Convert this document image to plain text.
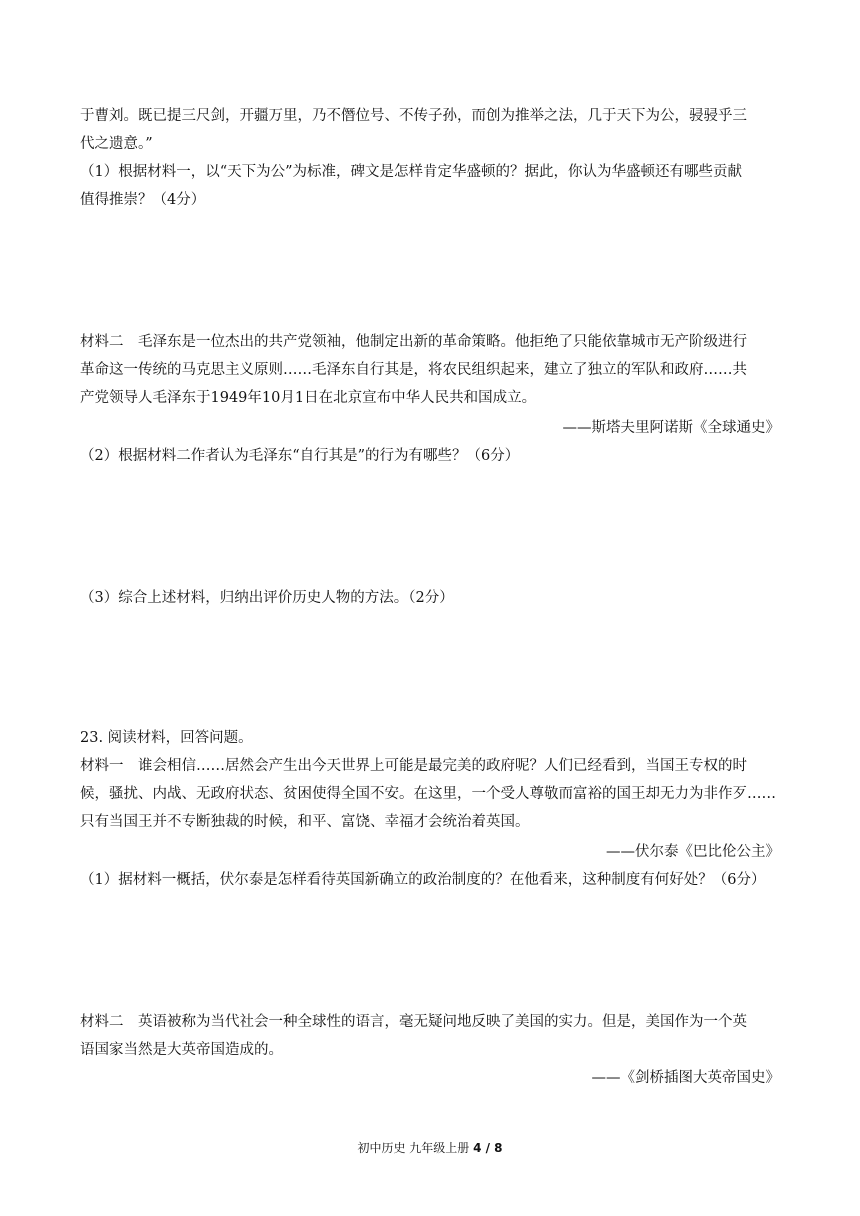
于曹刘。既已提三尺剑，开疆万里，乃不僭位号、不传子孙，而创为推举之法，几于天下为公，骎骎乎三
代之遗意。”
（1）根据材料一，以“天下为公”为标准，碑文是怎样肯定华盛顿的？据此，你认为华盛顿还有哪些贡献
值得推崇？（4分）
材料二　毛泽东是一位杰出的共产党领袖，他制定出新的革命策略。他拒绝了只能依靠城市无产阶级进行
革命这一传统的马克思主义原则……毛泽东自行其是，将农民组织起来，建立了独立的军队和政府……共
产党领导人毛泽东于1949年10月1日在北京宣布中华人民共和国成立。
——斯塔夫里阿诺斯《全球通史》
（2）根据材料二作者认为毛泽东“自行其是”的行为有哪些？（6分）
（3）综合上述材料，归纳出评价历史人物的方法。（2分）
23. 阅读材料，回答问题。
材料一　谁会相信……居然会产生出今天世界上可能是最完美的政府呢？人们已经看到，当国王专权的时
候，骚扰、内战、无政府状态、贫困使得全国不安。在这里，一个受人尊敬而富裕的国王却无力为非作歹……
只有当国王并不专断独裁的时候，和平、富饶、幸福才会统治着英国。
——伏尔泰《巴比伦公主》
（1）据材料一概括，伏尔泰是怎样看待英国新确立的政治制度的？在他看来，这种制度有何好处？（6分）
材料二　英语被称为当代社会一种全球性的语言，毫无疑问地反映了美国的实力。但是，美国作为一个英
语国家当然是大英帝国造成的。
——《剑桥插图大英帝国史》
初中历史 九年级上册 4 / 8
